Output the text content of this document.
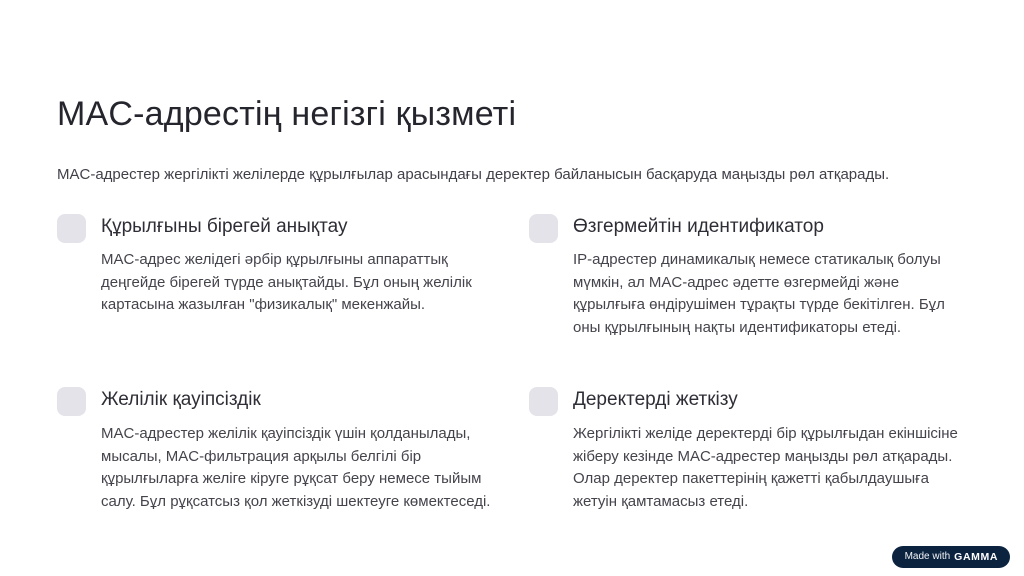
MAC-адрестің негізгі қызметі

MAC-адрестер жергілікті желілерде құрылғылар арасындағы деректер байланысын басқаруда маңызды рөл атқарады.

Құрылғыны бірегей анықтау

MAC-адрес желідегі әрбір құрылғыны аппараттық деңгейде бірегей түрде анықтайды. Бұл оның желілік картасына жазылған "физикалық" мекенжайы.

Өзгермейтін идентификатор

IP-адрестер динамикалық немесе статикалық болуы мүмкін, ал MAC-адрес әдетте өзгермейді және құрылғыға өндірушімен тұрақты түрде бекітілген. Бұл оны құрылғының нақты идентификаторы етеді.

Желілік қауіпсіздік

MAC-адрестер желілік қауіпсіздік үшін қолданылады, мысалы, MAC-фильтрация арқылы белгілі бір құрылғыларға желіге кіруге рұқсат беру немесе тыйым салу. Бұл рұқсатсыз қол жеткізуді шектеуге көмектеседі.

Деректерді жеткізу

Жергілікті желіде деректерді бір құрылғыдан екіншісіне жіберу кезінде MAC-адрестер маңызды рөл атқарады. Олар деректер пакеттерінің қажетті қабылдаушыға жетуін қамтамасыз етеді.

Made with GAMMA
